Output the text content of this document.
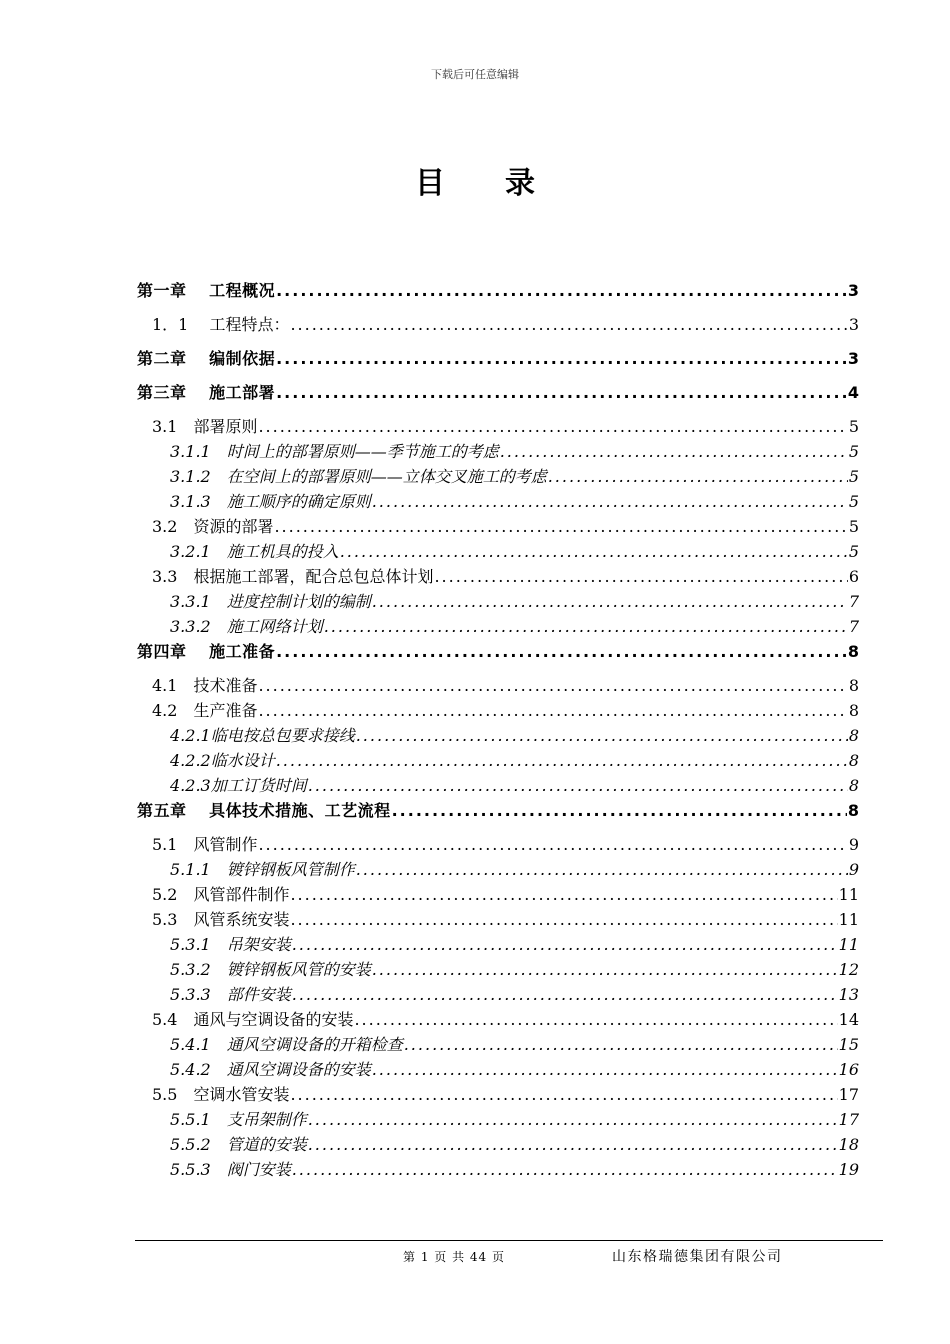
下载后可任意编辑
目录
第一章　 工程概况 .....	3
1．1　 工程特点： .....	3
第二章　 编制依据 .....	3
第三章　 施工部署 .....	4
3.1　部署原则 .....	5
3.1.1　时间上的部署原则——季节施工的考虑 .....	5
3.1.2　在空间上的部署原则——立体交叉施工的考虑 .....	5
3.1.3　施工顺序的确定原则 .....	5
3.2　资源的部署 .....	5
3.2.1　施工机具的投入 .....	5
3.3　根据施工部署，配合总包总体计划 .....	6
3.3.1　进度控制计划的编制 .....	7
3.3.2　施工网络计划 .....	7
第四章　 施工准备 .....	8
4.1　技术准备 .....	8
4.2　生产准备 .....	8
4.2.1临电按总包要求接线 .....	8
4.2.2临水设计 .....	8
4.2.3加工订货时间 .....	8
第五章　 具体技术措施、工艺流程 .....	8
5.1　风管制作 .....	9
5.1.1　镀锌钢板风管制作 .....	9
5.2　风管部件制作 .....	11
5.3　风管系统安装 .....	11
5.3.1　吊架安装 .....	11
5.3.2　镀锌钢板风管的安装 .....	12
5.3.3　部件安装 .....	13
5.4　通风与空调设备的安装 .....	14
5.4.1　通风空调设备的开箱检查 .....	15
5.4.2　通风空调设备的安装 .....	16
5.5　空调水管安装 .....	17
5.5.1　支吊架制作 .....	17
5.5.2　管道的安装 .....	18
5.5.3　阀门安装 .....	19
第 1 页 共 44 页	山东格瑞德集团有限公司
